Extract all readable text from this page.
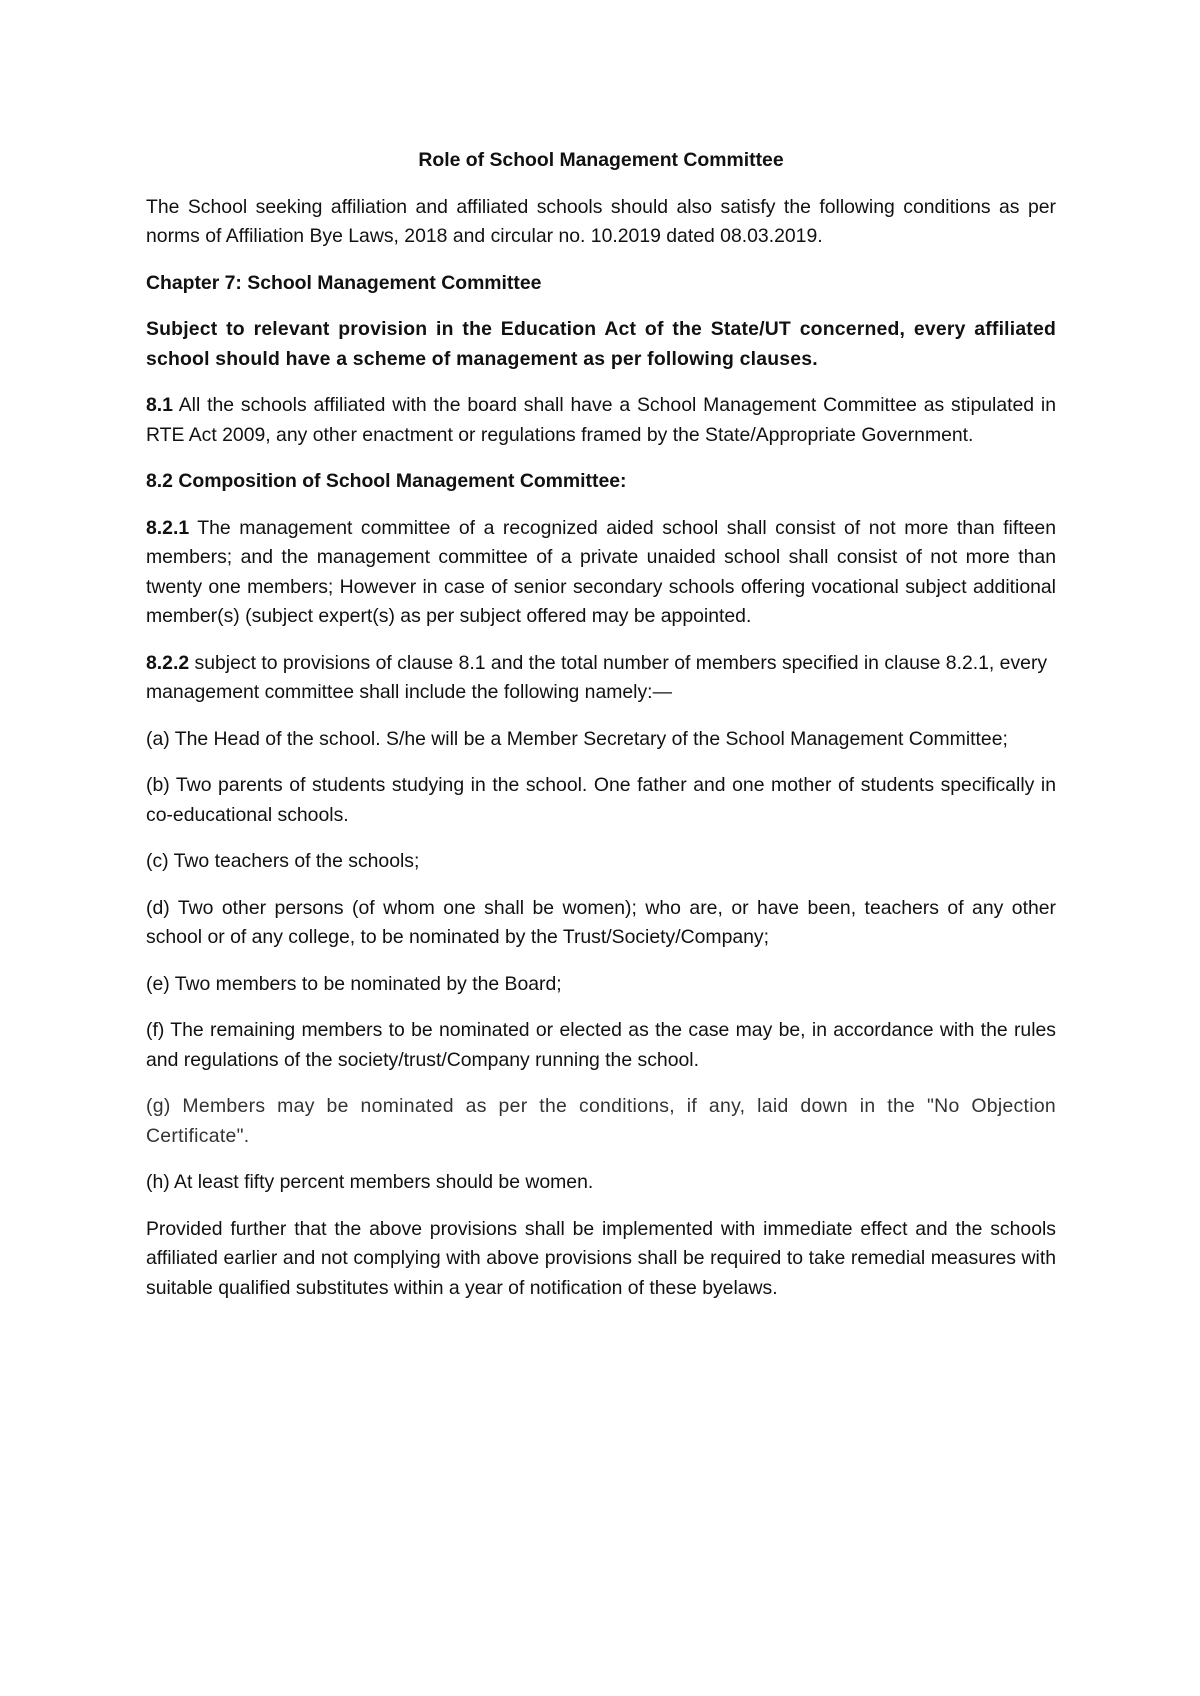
Role of School Management Committee

The School seeking affiliation and affiliated schools should also satisfy the following conditions as per norms of Affiliation Bye Laws, 2018 and circular no. 10.2019 dated 08.03.2019.

Chapter 7: School Management Committee

Subject to relevant provision in the Education Act of the State/UT concerned, every affiliated school should have a scheme of management as per following clauses.

8.1 All the schools affiliated with the board shall have a School Management Committee as stipulated in RTE Act 2009, any other enactment or regulations framed by the State/Appropriate Government.

8.2 Composition of School Management Committee:

8.2.1 The management committee of a recognized aided school shall consist of not more than fifteen members; and the management committee of a private unaided school shall consist of not more than twenty one members; However in case of senior secondary schools offering vocational subject additional member(s) (subject expert(s) as per subject offered may be appointed.

8.2.2 subject to provisions of clause 8.1 and the total number of members specified in clause 8.2.1, every management committee shall include the following namely:—

(a) The Head of the school. S/he will be a Member Secretary of the School Management Committee;

(b) Two parents of students studying in the school. One father and one mother of students specifically in co-educational schools.

(c) Two teachers of the schools;

(d) Two other persons (of whom one shall be women); who are, or have been, teachers of any other school or of any college, to be nominated by the Trust/Society/Company;

(e) Two members to be nominated by the Board;

(f) The remaining members to be nominated or elected as the case may be, in accordance with the rules and regulations of the society/trust/Company running the school.

(g) Members may be nominated as per the conditions, if any, laid down in the "No Objection Certificate".

(h) At least fifty percent members should be women.

Provided further that the above provisions shall be implemented with immediate effect and the schools affiliated earlier and not complying with above provisions shall be required to take remedial measures with suitable qualified substitutes within a year of notification of these byelaws.
